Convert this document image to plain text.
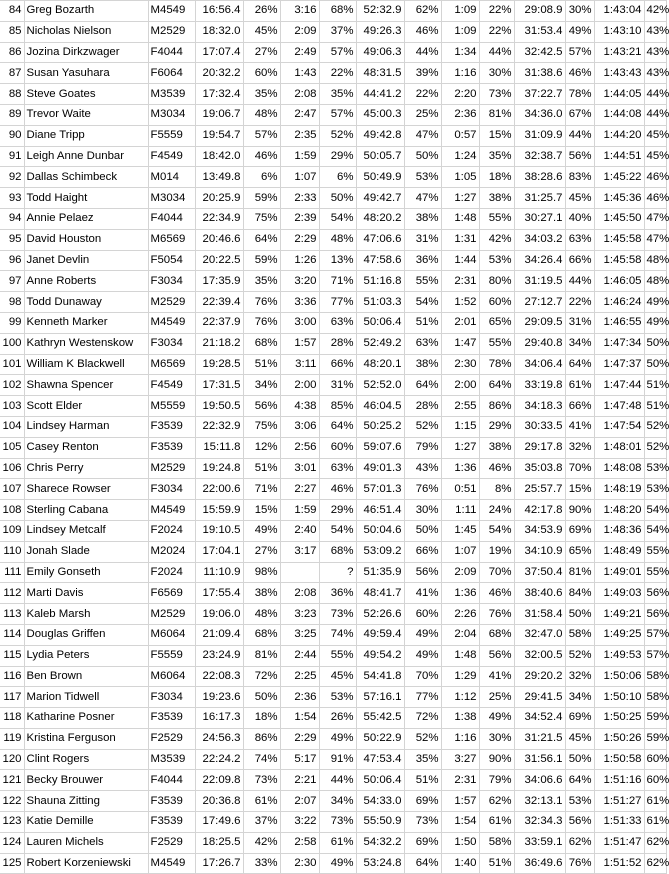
84	Greg Bozarth	M4549	16:56.4	26%	3:16	68%	52:32.9	62%	1:09	22%	29:08.9	30%	1:43:04	42%
85	Nicholas Nielson	M2529	18:32.0	45%	2:09	37%	49:26.3	46%	1:09	22%	31:53.4	49%	1:43:10	43%
86	Jozina Dirkzwager	F4044	17:07.4	27%	2:49	57%	49:06.3	44%	1:34	44%	32:42.5	57%	1:43:21	43%
87	Susan Yasuhara	F6064	20:32.2	60%	1:43	22%	48:31.5	39%	1:16	30%	31:38.6	46%	1:43:43	43%
88	Steve Goates	M3539	17:32.4	35%	2:08	35%	44:41.2	22%	2:20	73%	37:22.7	78%	1:44:05	44%
89	Trevor Waite	M3034	19:06.7	48%	2:47	57%	45:00.3	25%	2:36	81%	34:36.0	67%	1:44:08	44%
90	Diane Tripp	F5559	19:54.7	57%	2:35	52%	49:42.8	47%	0:57	15%	31:09.9	44%	1:44:20	45%
91	Leigh Anne Dunbar	F4549	18:42.0	46%	1:59	29%	50:05.7	50%	1:24	35%	32:38.7	56%	1:44:51	45%
92	Dallas Schimbeck	M014	13:49.8	6%	1:07	6%	50:49.9	53%	1:05	18%	38:28.6	83%	1:45:22	46%
93	Todd Haight	M3034	20:25.9	59%	2:33	50%	49:42.7	47%	1:27	38%	31:25.7	45%	1:45:36	46%
94	Annie Pelaez	F4044	22:34.9	75%	2:39	54%	48:20.2	38%	1:48	55%	30:27.1	40%	1:45:50	47%
95	David Houston	M6569	20:46.6	64%	2:29	48%	47:06.6	31%	1:31	42%	34:03.2	63%	1:45:58	47%
96	Janet Devlin	F5054	20:22.5	59%	1:26	13%	47:58.6	36%	1:44	53%	34:26.4	66%	1:45:58	48%
97	Anne Roberts	F3034	17:35.9	35%	3:20	71%	51:16.8	55%	2:31	80%	31:19.5	44%	1:46:05	48%
98	Todd Dunaway	M2529	22:39.4	76%	3:36	77%	51:03.3	54%	1:52	60%	27:12.7	22%	1:46:24	49%
99	Kenneth Marker	M4549	22:37.9	76%	3:00	63%	50:06.4	51%	2:01	65%	29:09.5	31%	1:46:55	49%
100	Kathryn Westenskow	F3034	21:18.2	68%	1:57	28%	52:49.2	63%	1:47	55%	29:40.8	34%	1:47:34	50%
101	William K Blackwell	M6569	19:28.5	51%	3:11	66%	48:20.1	38%	2:30	78%	34:06.4	64%	1:47:37	50%
102	Shawna Spencer	F4549	17:31.5	34%	2:00	31%	52:52.0	64%	2:00	64%	33:19.8	61%	1:47:44	51%
103	Scott Elder	M5559	19:50.5	56%	4:38	85%	46:04.5	28%	2:55	86%	34:18.3	66%	1:47:48	51%
104	Lindsey Harman	F3539	22:32.9	75%	3:06	64%	50:25.2	52%	1:15	29%	30:33.5	41%	1:47:54	52%
105	Casey Renton	F3539	15:11.8	12%	2:56	60%	59:07.6	79%	1:27	38%	29:17.8	32%	1:48:01	52%
106	Chris Perry	M2529	19:24.8	51%	3:01	63%	49:01.3	43%	1:36	46%	35:03.8	70%	1:48:08	53%
107	Sharece Rowser	F3034	22:00.6	71%	2:27	46%	57:01.3	76%	0:51	8%	25:57.7	15%	1:48:19	53%
108	Sterling Cabana	M4549	15:59.9	15%	1:59	29%	46:51.4	30%	1:11	24%	42:17.8	90%	1:48:20	54%
109	Lindsey Metcalf	F2024	19:10.5	49%	2:40	54%	50:04.6	50%	1:45	54%	34:53.9	69%	1:48:36	54%
110	Jonah Slade	M2024	17:04.1	27%	3:17	68%	53:09.2	66%	1:07	19%	34:10.9	65%	1:48:49	55%
111	Emily Gonseth	F2024	11:10.9	98%		?	51:35.9	56%	2:09	70%	37:50.4	81%	1:49:01	55%
112	Marti Davis	F6569	17:55.4	38%	2:08	36%	48:41.7	41%	1:36	46%	38:40.6	84%	1:49:03	56%
113	Kaleb Marsh	M2529	19:06.0	48%	3:23	73%	52:26.6	60%	2:26	76%	31:58.4	50%	1:49:21	56%
114	Douglas Griffen	M6064	21:09.4	68%	3:25	74%	49:59.4	49%	2:04	68%	32:47.0	58%	1:49:25	57%
115	Lydia Peters	F5559	23:24.9	81%	2:44	55%	49:54.2	49%	1:48	56%	32:00.5	52%	1:49:53	57%
116	Ben Brown	M6064	22:08.3	72%	2:25	45%	54:41.8	70%	1:29	41%	29:20.2	32%	1:50:06	58%
117	Marion Tidwell	F3034	19:23.6	50%	2:36	53%	57:16.1	77%	1:12	25%	29:41.5	34%	1:50:10	58%
118	Katharine Posner	F3539	16:17.3	18%	1:54	26%	55:42.5	72%	1:38	49%	34:52.4	69%	1:50:25	59%
119	Kristina Ferguson	F2529	24:56.3	86%	2:29	49%	50:22.9	52%	1:16	30%	31:21.5	45%	1:50:26	59%
120	Clint Rogers	M3539	22:24.2	74%	5:17	91%	47:53.4	35%	3:27	90%	31:56.1	50%	1:50:58	60%
121	Becky Brouwer	F4044	22:09.8	73%	2:21	44%	50:06.4	51%	2:31	79%	34:06.6	64%	1:51:16	60%
122	Shauna Zitting	F3539	20:36.8	61%	2:07	34%	54:33.0	69%	1:57	62%	32:13.1	53%	1:51:27	61%
123	Katie Demille	F3539	17:49.6	37%	3:22	73%	55:50.9	73%	1:54	61%	32:34.3	56%	1:51:33	61%
124	Lauren Michels	F2529	18:25.5	42%	2:58	61%	54:32.2	69%	1:50	58%	33:59.1	62%	1:51:47	62%
125	Robert Korzeniewski	M4549	17:26.7	33%	2:30	49%	53:24.8	64%	1:40	51%	36:49.6	76%	1:51:52	62%
